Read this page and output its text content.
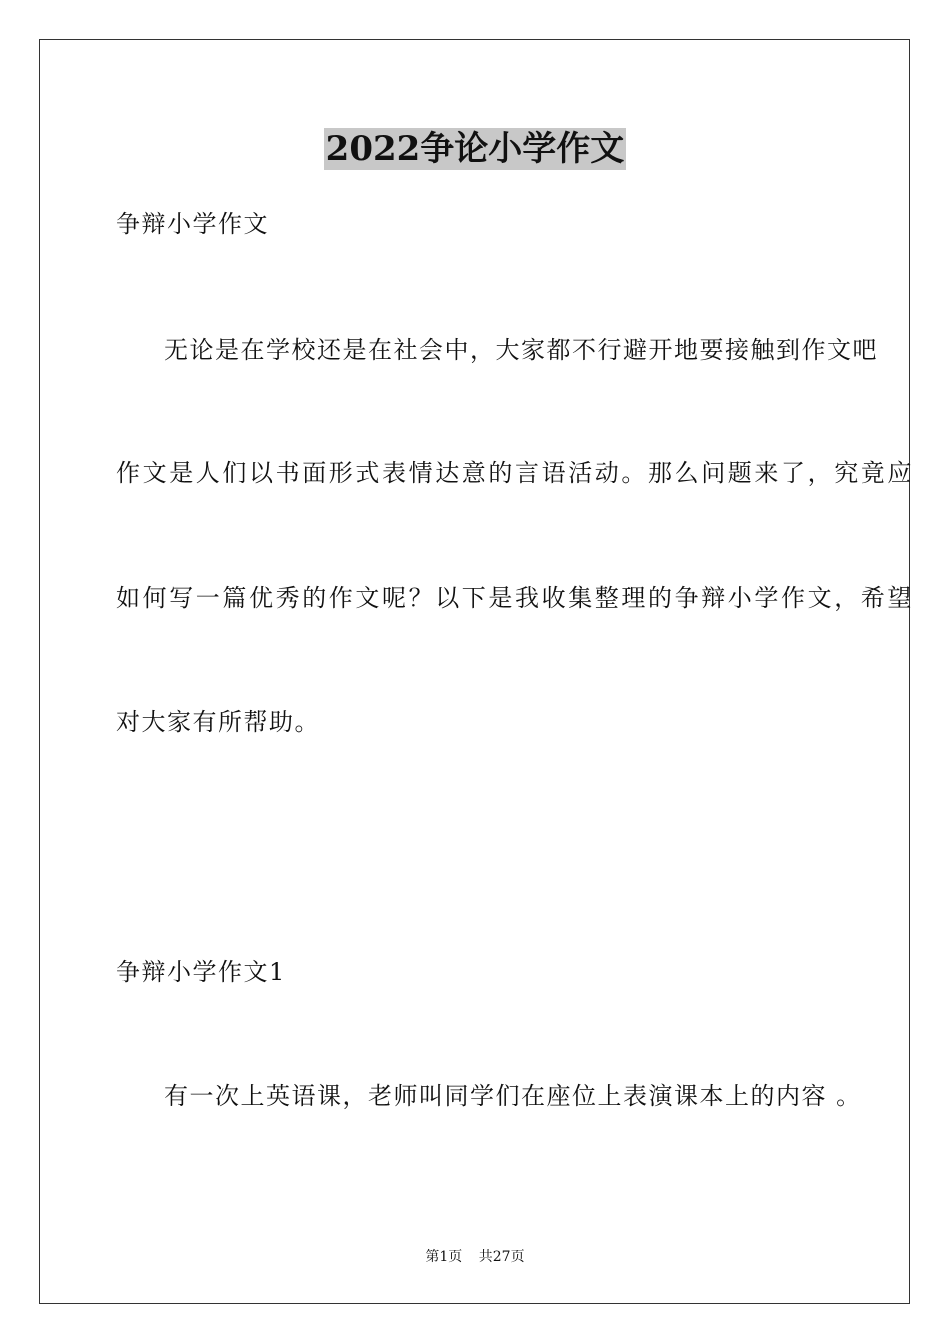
2022争论小学作文
争辩小学作文
无论是在学校还是在社会中，大家都不行避开地要接触到作文吧
作文是人们以书面形式表情达意的言语活动。那么问题来了，究竟应
如何写一篇优秀的作文呢？以下是我收集整理的争辩小学作文，希望
对大家有所帮助。
争辩小学作文1
有一次上英语课，老师叫同学们在座位上表演课本上的内容 。
第1页 共27页
